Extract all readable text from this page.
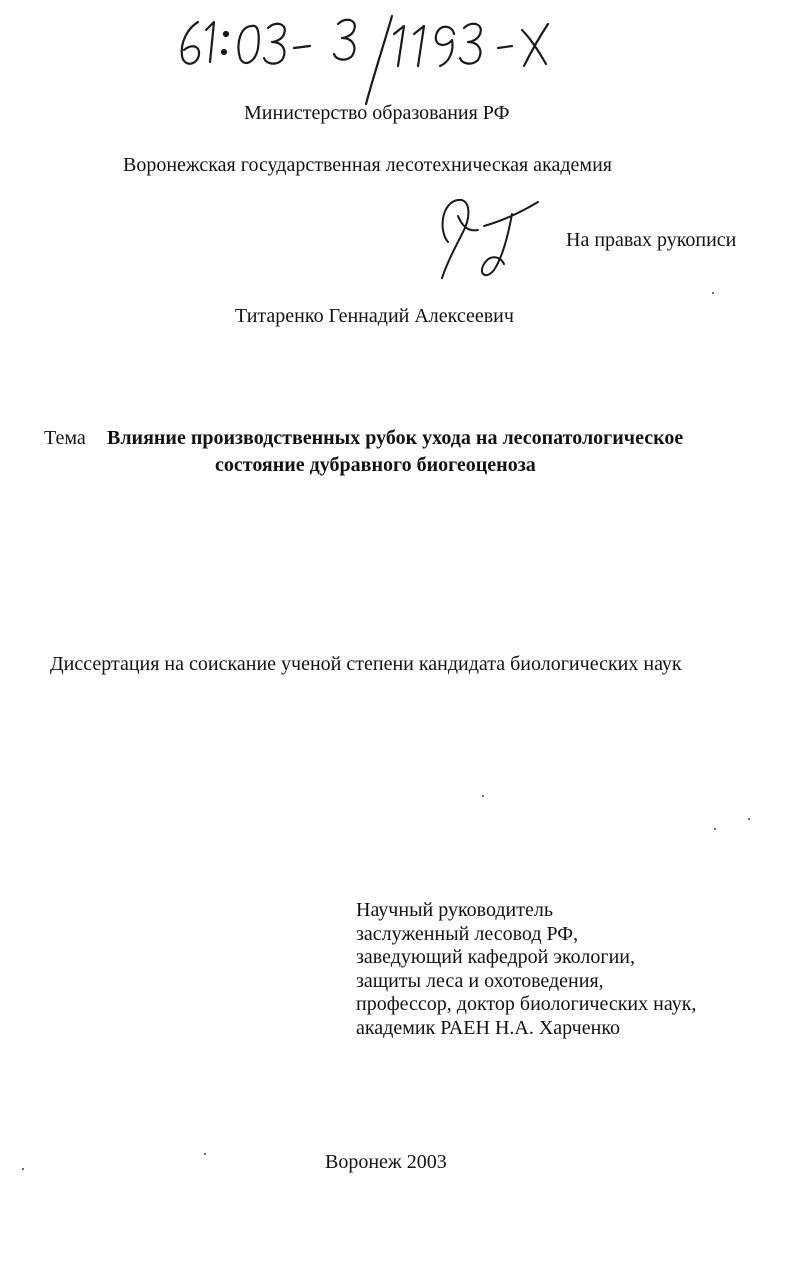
Министерство образования РФ
Воронежская государственная лесотехническая академия
На правах рукописи
Титаренко Геннадий Алексеевич
Тема Влияние производственных рубок ухода на лесопатологическое
состояние дубравного биогеоценоза
Диссертация на соискание ученой степени кандидата биологических наук
Научный руководитель
заслуженный лесовод РФ,
заведующий кафедрой экологии,
защиты леса и охотоведения,
профессор, доктор биологических наук,
академик РАЕН Н.А. Харченко
Воронеж 2003
